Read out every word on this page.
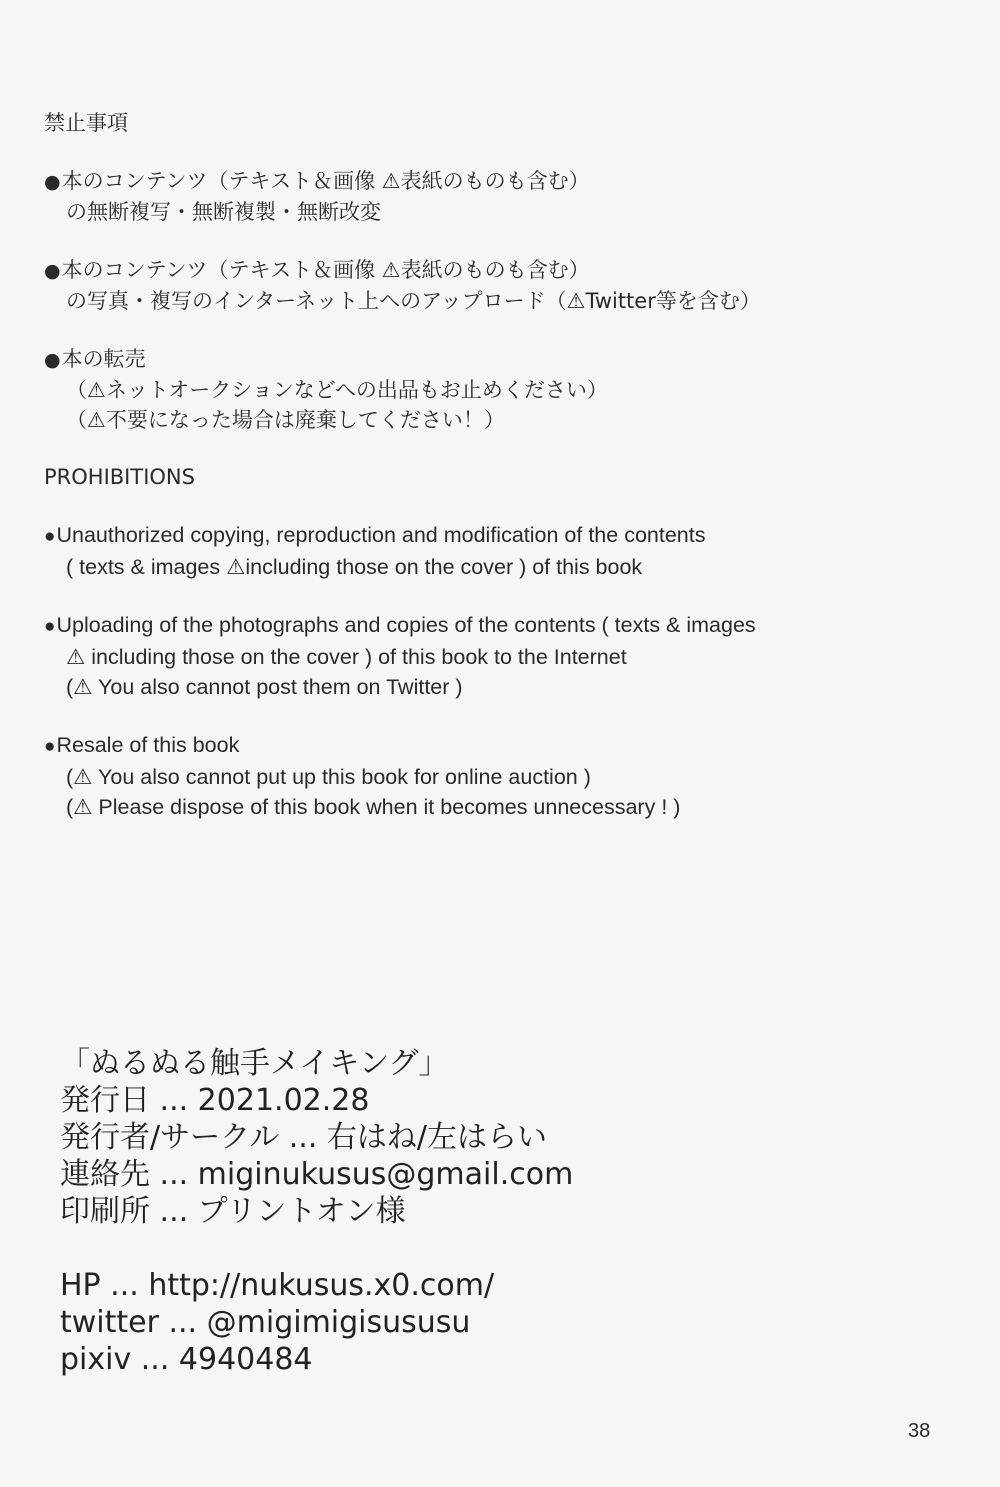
禁止事項
●本のコンテンツ（テキスト＆画像 ⚠表紙のものも含む）
の無断複写・無断複製・無断改変
●本のコンテンツ（テキスト＆画像 ⚠表紙のものも含む）
の写真・複写のインターネット上へのアップロード（⚠Twitter等を含む）
●本の転売
（⚠ネットオークションなどへの出品もお止めください）
（⚠不要になった場合は廃棄してください！）
PROHIBITIONS
●Unauthorized copying, reproduction and modification of the contents
( texts & images ⚠including those on the cover ) of this book
●Uploading of the photographs and copies of the contents ( texts & images
⚠ including those on the cover ) of this book to the Internet
(⚠ You also cannot post them on Twitter )
●Resale of this book
(⚠ You also cannot put up this book for online auction )
(⚠ Please dispose of this book when it becomes unnecessary ! )
「ぬるぬる触手メイキング」
発行日 ... 2021.02.28
発行者/サークル ... 右はね/左はらい
連絡先 ... miginukusus@gmail.com
印刷所 ... プリントオン様
HP ... http://nukusus.x0.com/
twitter ... @migimigisususu
pixiv ... 4940484
38
